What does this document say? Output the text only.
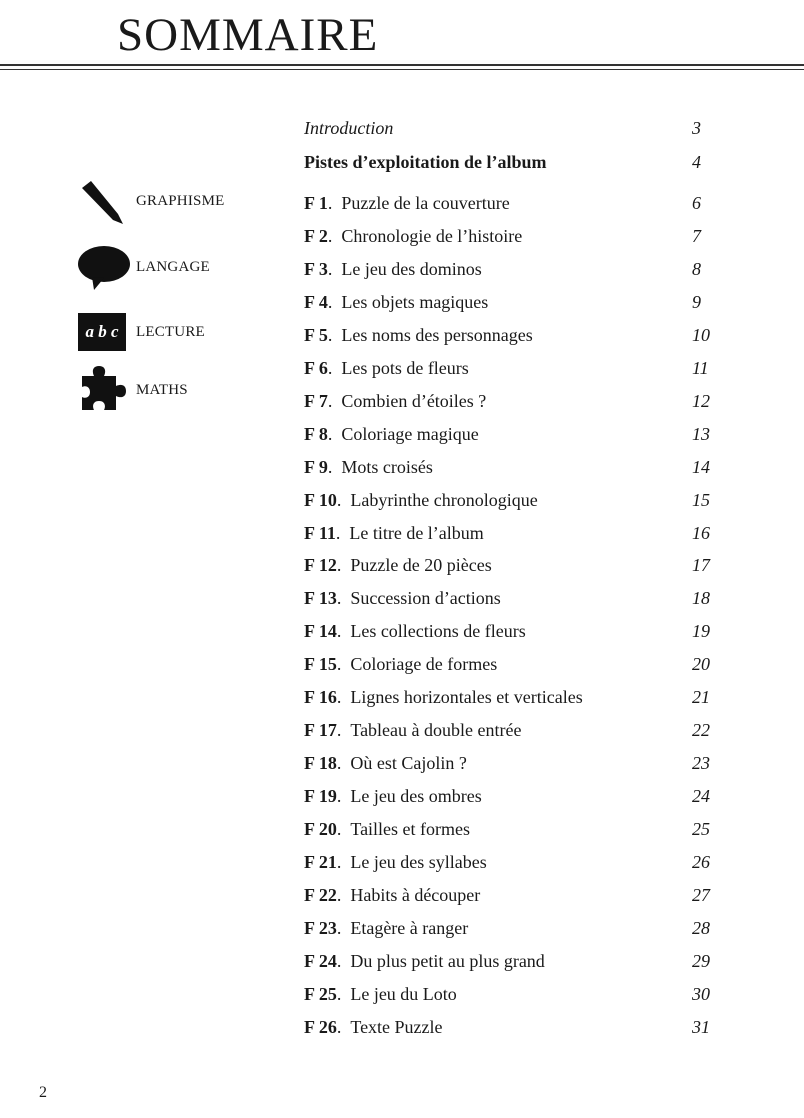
SOMMAIRE
GRAPHISME
LANGAGE
a b c	LECTURE
MATHS
Introduction	3
Pistes d’exploitation de l’album	4
F 1.  Puzzle de la couverture	6
F 2.  Chronologie de l’histoire	7
F 3.  Le jeu des dominos	8
F 4.  Les objets magiques	9
F 5.  Les noms des personnages	10
F 6.  Les pots de fleurs	11
F 7.  Combien d’étoiles ?	12
F 8.  Coloriage magique	13
F 9.  Mots croisés	14
F 10.  Labyrinthe chronologique	15
F 11.  Le titre de l’album	16
F 12.  Puzzle de 20 pièces	17
F 13.  Succession d’actions	18
F 14.  Les collections de fleurs	19
F 15.  Coloriage de formes	20
F 16.  Lignes horizontales et verticales	21
F 17.  Tableau à double entrée	22
F 18.  Où est Cajolin ?	23
F 19.  Le jeu des ombres	24
F 20.  Tailles et formes	25
F 21.  Le jeu des syllabes	26
F 22.  Habits à découper	27
F 23.  Etagère à ranger	28
F 24.  Du plus petit au plus grand	29
F 25.  Le jeu du Loto	30
F 26.  Texte Puzzle	31
2
